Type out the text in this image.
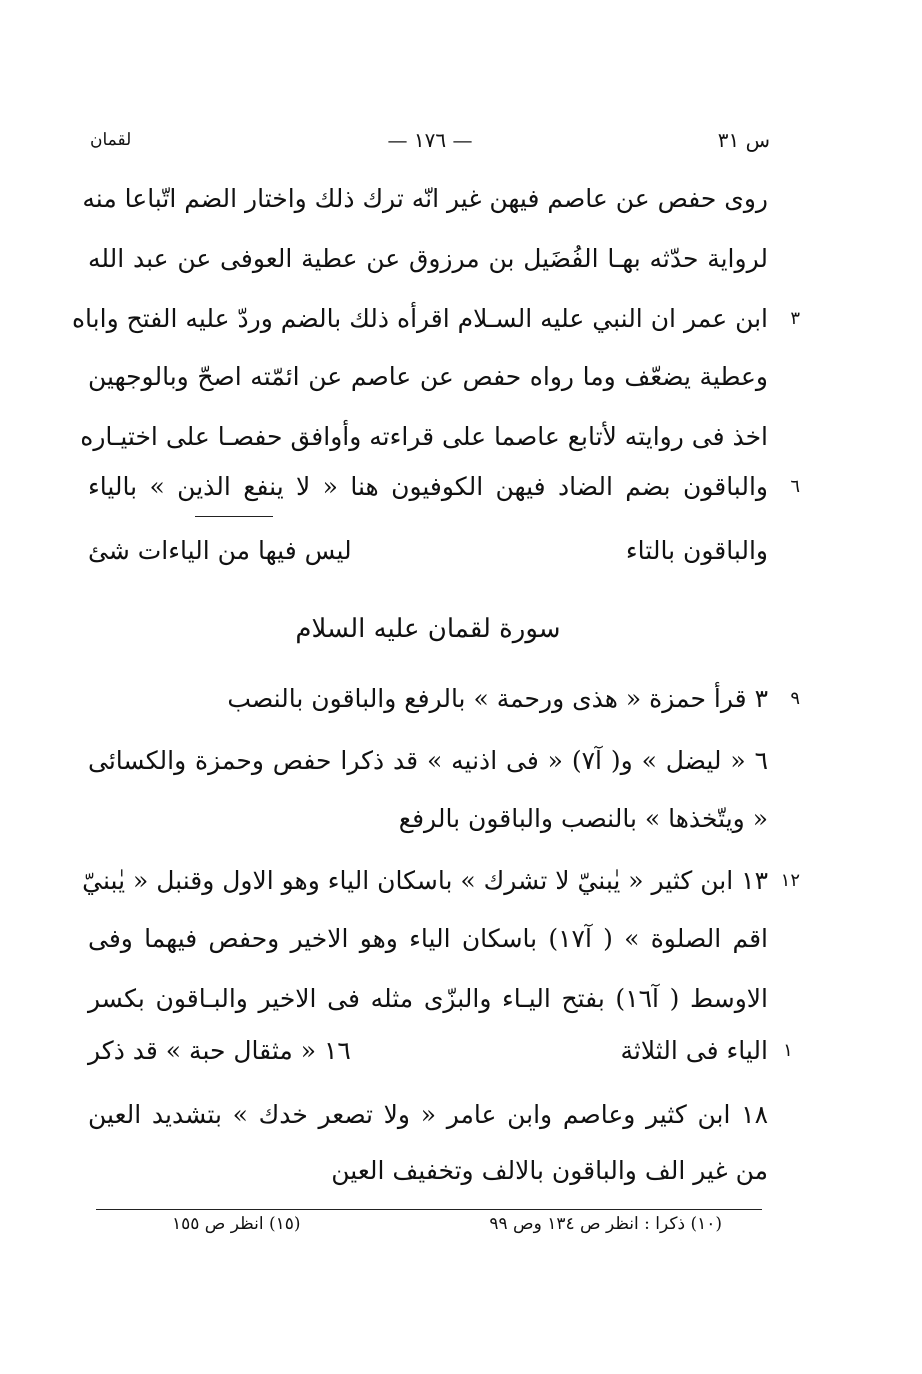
س ٣١
— ١٧٦ —
لقمان
روى حفص عن عاصم فيهن غير انّه ترك ذلك واختار الضم اتّباعا منه
لرواية حدّثه بهـا الفُضَيل بن مرزوق عن عطية العوفى عن عبد الله
٣
ابن عمر ان النبي عليه السـلام اقرأه ذلك بالضم وردّ عليه الفتح واباه
وعطية يضعّف وما رواه حفص عن عاصم عن ائمّته اصحّ وبالوجهين
اخذ فى روايته لأتابع عاصما على قراءته وأوافق حفصـا على اختيـاره
٦
والباقون بضم الضاد فيهن الكوفيون هنا « لا ينفع الذين » بالياء
والباقون بالتاء
ليس فيها من الياءات شئ
سورة لقمان عليه السلام
٩
٣ قرأ حمزة « هذى ورحمة » بالرفع والباقون بالنصب
٦ « ليضل » و( آ٧) « فى اذنيه » قد ذكرا حفص وحمزة والكسائى
« ويتّخذها » بالنصب والباقون بالرفع
١٢
١٣ ابن كثير « يٰبنيّ لا تشرك » باسكان الياء وهو الاول وقنبل « يٰبنيّ
اقم الصلوة » ( آ١٧) باسكان الياء وهو الاخير وحفص فيهما وفى
الاوسط ( آ١٦) بفتح اليـاء والبزّى مثله فى الاخير والبـاقون بكسر
١
الياء فى الثلاثة
١٦ « مثقال حبة » قد ذكر
١٨ ابن كثير وعاصم وابن عامر « ولا تصعر خدك » بتشديد العين
من غير الف والباقون بالالف وتخفيف العين
(١٠) ذكرا : انظر ص ١٣٤ وص ٩٩
(١٥) انظر ص ١٥٥
